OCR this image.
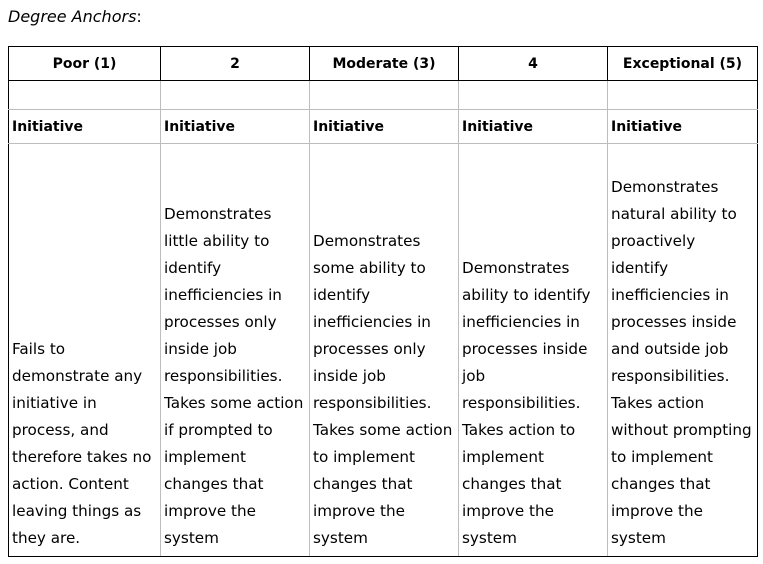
Degree Anchors:
Poor (1)	2	Moderate (3)	4	Exceptional (5)

Initiative	Initiative	Initiative	Initiative	Initiative
Fails to demonstrate any initiative in process, and therefore takes no action. Content leaving things as they are.	Demonstrates little ability to identify inefficiencies in processes only inside job responsibilities. Takes some action if prompted to implement changes that improve the system	Demonstrates some ability to identify inefficiencies in processes only inside job responsibilities. Takes some action to implement changes that improve the system	Demonstrates ability to identify inefficiencies in processes inside job responsibilities. Takes action to implement changes that improve the system	Demonstrates natural ability to proactively identify inefficiencies in processes inside and outside job responsibilities. Takes action without prompting to implement changes that improve the system
